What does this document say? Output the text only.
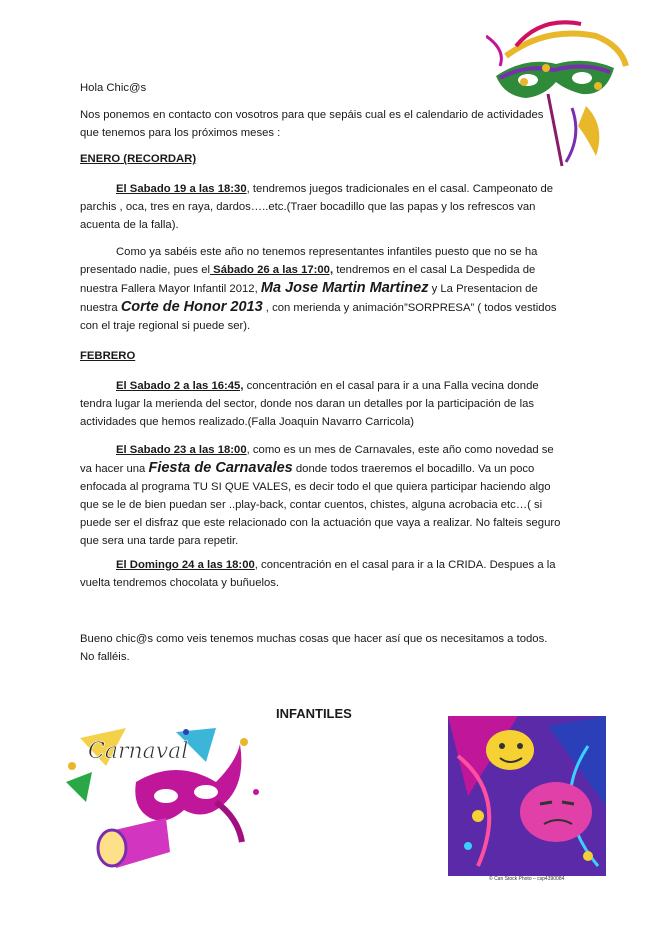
Hola Chic@s

Nos ponemos en contacto con vosotros para que sepáis cual es el calendario de actividades que tenemos para los próximos meses :

ENERO (RECORDAR)

El Sabado 19 a las 18:30, tendremos juegos tradicionales en el casal. Campeonato de parchis , oca, tres en raya, dardos…..etc.(Traer bocadillo que las papas y los refrescos van acuenta de la falla).

Como ya sabéis este año no tenemos representantes infantiles puesto que no se ha presentado nadie, pues el Sábado 26 a las 17:00, tendremos en el casal La Despedida de nuestra Fallera Mayor Infantil 2012, Ma Jose Martin Martinez y La Presentacion de nuestra Corte de Honor 2013 , con merienda y animación”SORPRESA” ( todos vestidos con el traje regional si puede ser).

FEBRERO

El Sabado 2 a las 16:45, concentración en el casal para ir a una Falla vecina donde tendra lugar la merienda del sector, donde nos daran un detalles por la participación de las actividades que hemos realizado.(Falla Joaquin Navarro Carricola)

El Sabado 23 a las 18:00, como es un mes de Carnavales, este año como novedad se va hacer una Fiesta de Carnavales donde todos traeremos el bocadillo. Va un poco enfocada al programa TU SI QUE VALES, es decir todo el que quiera participar haciendo algo que se le de bien puedan ser ..play-back, contar cuentos, chistes, alguna acrobacia etc…( si puede ser el disfraz que este relacionado con la actuación que vaya a realizar. No falteis seguro que sera una tarde para repetir.

El Domingo 24 a las 18:00, concentración en el casal para ir a la CRIDA. Despues a la vuelta tendremos chocolata y buñuelos.

Bueno chic@s como veis tenemos muchas cosas que hacer así que os necesitamos a todos. No falléis.

INFANTILES
Carnaval
© Can Stock Photo – csp4390084
